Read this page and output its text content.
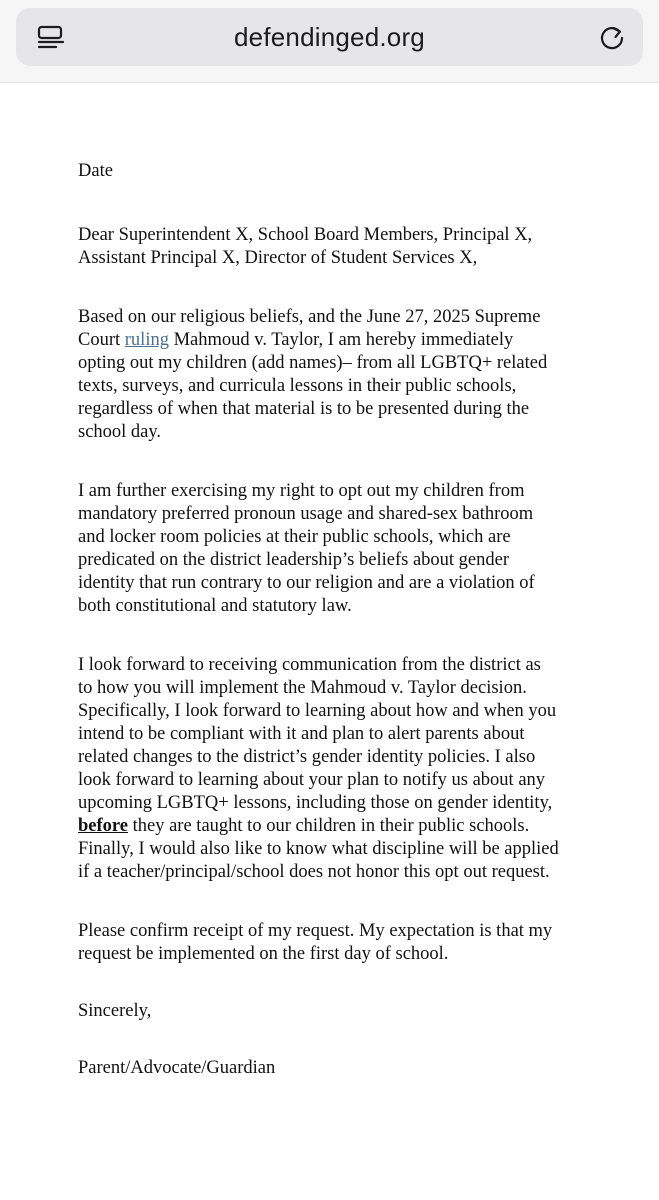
defendinged.org

Date

Dear Superintendent X, School Board Members, Principal X,

Assistant Principal X, Director of Student Services X,

Based on our religious beliefs, and the June 27, 2025 Supreme

Court ruling Mahmoud v. Taylor, I am hereby immediately

opting out my children (add names)– from all LGBTQ+ related

texts, surveys, and curricula lessons in their public schools,

regardless of when that material is to be presented during the

school day.

I am further exercising my right to opt out my children from

mandatory preferred pronoun usage and shared-sex bathroom

and locker room policies at their public schools, which are

predicated on the district leadership’s beliefs about gender

identity that run contrary to our religion and are a violation of

both constitutional and statutory law.

I look forward to receiving communication from the district as

to how you will implement the Mahmoud v. Taylor decision.

Specifically, I look forward to learning about how and when you

intend to be compliant with it and plan to alert parents about

related changes to the district’s gender identity policies. I also

look forward to learning about your plan to notify us about any

upcoming LGBTQ+ lessons, including those on gender identity,

before they are taught to our children in their public schools.

Finally, I would also like to know what discipline will be applied

if a teacher/principal/school does not honor this opt out request.

Please confirm receipt of my request. My expectation is that my

request be implemented on the first day of school.

Sincerely,

Parent/Advocate/Guardian
